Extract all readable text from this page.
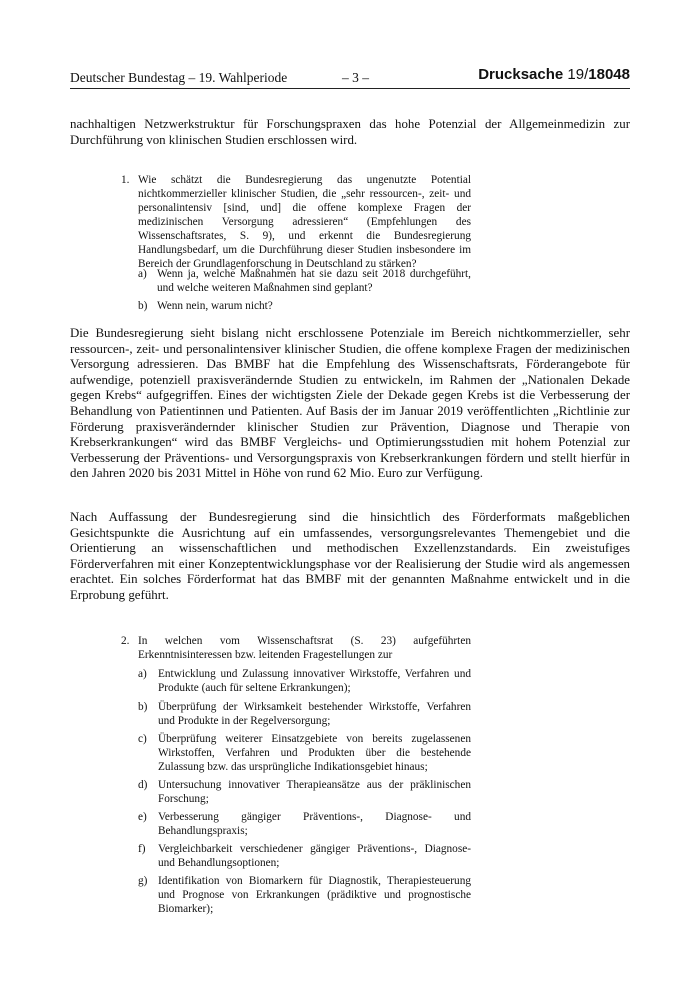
Deutscher Bundestag – 19. Wahlperiode	– 3 –	Drucksache 19/18048

nachhaltigen Netzwerkstruktur für Forschungspraxen das hohe Potenzial der Allgemeinmedizin zur Durchführung von klinischen Studien erschlossen wird.

1. Wie schätzt die Bundesregierung das ungenutzte Potential nichtkommerzieller klinischer Studien, die „sehr ressourcen-, zeit- und personalintensiv [sind, und] die offene komplexe Fragen der medizinischen Versorgung adressieren“ (Empfehlungen des Wissenschaftsrates, S. 9), und erkennt die Bundesregierung Handlungsbedarf, um die Durchführung dieser Studien insbesondere im Bereich der Grundlagenforschung in Deutschland zu stärken?

a) Wenn ja, welche Maßnahmen hat sie dazu seit 2018 durchgeführt, und welche weiteren Maßnahmen sind geplant?

b) Wenn nein, warum nicht?

Die Bundesregierung sieht bislang nicht erschlossene Potenziale im Bereich nichtkommerzieller, sehr ressourcen-, zeit- und personalintensiver klinischer Studien, die offene komplexe Fragen der medizinischen Versorgung adressieren. Das BMBF hat die Empfehlung des Wissenschaftsrats, Förderangebote für aufwendige, potenziell praxisverändernde Studien zu entwickeln, im Rahmen der „Nationalen Dekade gegen Krebs“ aufgegriffen. Eines der wichtigsten Ziele der Dekade gegen Krebs ist die Verbesserung der Behandlung von Patientinnen und Patienten. Auf Basis der im Januar 2019 veröffentlichten „Richtlinie zur Förderung praxisverändernder klinischer Studien zur Prävention, Diagnose und Therapie von Krebserkrankungen“ wird das BMBF Vergleichs- und Optimierungsstudien mit hohem Potenzial zur Verbesserung der Präventions- und Versorgungspraxis von Krebserkrankungen fördern und stellt hierfür in den Jahren 2020 bis 2031 Mittel in Höhe von rund 62 Mio. Euro zur Verfügung.

Nach Auffassung der Bundesregierung sind die hinsichtlich des Förderformats maßgeblichen Gesichtspunkte die Ausrichtung auf ein umfassendes, versorgungsrelevantes Themengebiet und die Orientierung an wissenschaftlichen und methodischen Exzellenzstandards. Ein zweistufiges Förderverfahren mit einer Konzeptentwicklungsphase vor der Realisierung der Studie wird als angemessen erachtet. Ein solches Förderformat hat das BMBF mit der genannten Maßnahme entwickelt und in die Erprobung geführt.

2. In welchen vom Wissenschaftsrat (S. 23) aufgeführten Erkenntnisinteressen bzw. leitenden Fragestellungen zur

a) Entwicklung und Zulassung innovativer Wirkstoffe, Verfahren und Produkte (auch für seltene Erkrankungen);

b) Überprüfung der Wirksamkeit bestehender Wirkstoffe, Verfahren und Produkte in der Regelversorgung;

c) Überprüfung weiterer Einsatzgebiete von bereits zugelassenen Wirkstoffen, Verfahren und Produkten über die bestehende Zulassung bzw. das ursprüngliche Indikationsgebiet hinaus;

d) Untersuchung innovativer Therapieansätze aus der präklinischen Forschung;

e) Verbesserung gängiger Präventions-, Diagnose- und Behandlungspraxis;

f) Vergleichbarkeit verschiedener gängiger Präventions-, Diagnose- und Behandlungsoptionen;

g) Identifikation von Biomarkern für Diagnostik, Therapiesteuerung und Prognose von Erkrankungen (prädiktive und prognostische Biomarker);
